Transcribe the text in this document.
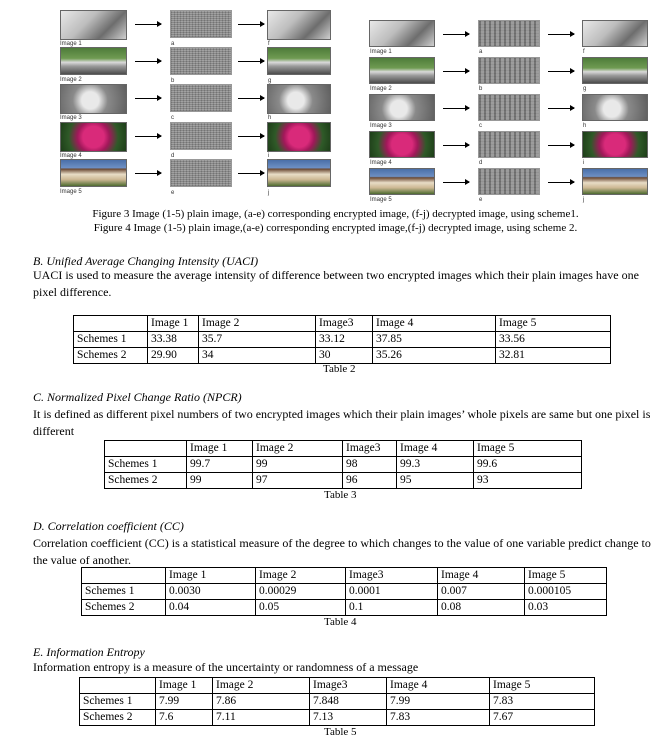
Image 1	a	f
Image 2	b	g
Image 3	c	h
Image 4	d	i
Image 5	e	j
Image 1	a	f
Image 2	b	g
Image 3	c	h
Image 4	d	i
Image 5	e	j
Figure 3 Image (1-5) plain image, (a-e) corresponding encrypted image, (f-j) decrypted image, using scheme1.
Figure 4 Image (1-5) plain image,(a-e) corresponding encrypted image,(f-j) decrypted image, using scheme 2.
B. Unified Average Changing Intensity (UACI)
UACI is used to measure the average intensity of difference between two encrypted images which their plain images have one pixel difference.
	Image 1	Image 2	Image3	Image 4	Image 5
Schemes 1	33.38	35.7	33.12	37.85	33.56
Schemes 2	29.90	34	30	35.26	32.81
Table 2
C. Normalized Pixel Change Ratio (NPCR)
It is defined as different pixel numbers of two encrypted images which their plain images’ whole pixels are same but one pixel is different
	Image 1	Image 2	Image3	Image 4	Image 5
Schemes 1	99.7	99	98	99.3	99.6
Schemes 2	99	97	96	95	93
Table 3
D. Correlation coefficient (CC)
Correlation coefficient (CC) is a statistical measure of the degree to which changes to the value of one variable predict change to the value of another.
	Image 1	Image 2	Image3	Image 4	Image 5
Schemes 1	0.0030	0.00029	0.0001	0.007	0.000105
Schemes 2	0.04	0.05	0.1	0.08	0.03
Table 4
E. Information Entropy
Information entropy is a measure of the uncertainty or randomness of a message
	Image 1	Image 2	Image3	Image 4	Image 5
Schemes 1	7.99	7.86	7.848	7.99	7.83
Schemes 2	7.6	7.11	7.13	7.83	7.67
Table 5
